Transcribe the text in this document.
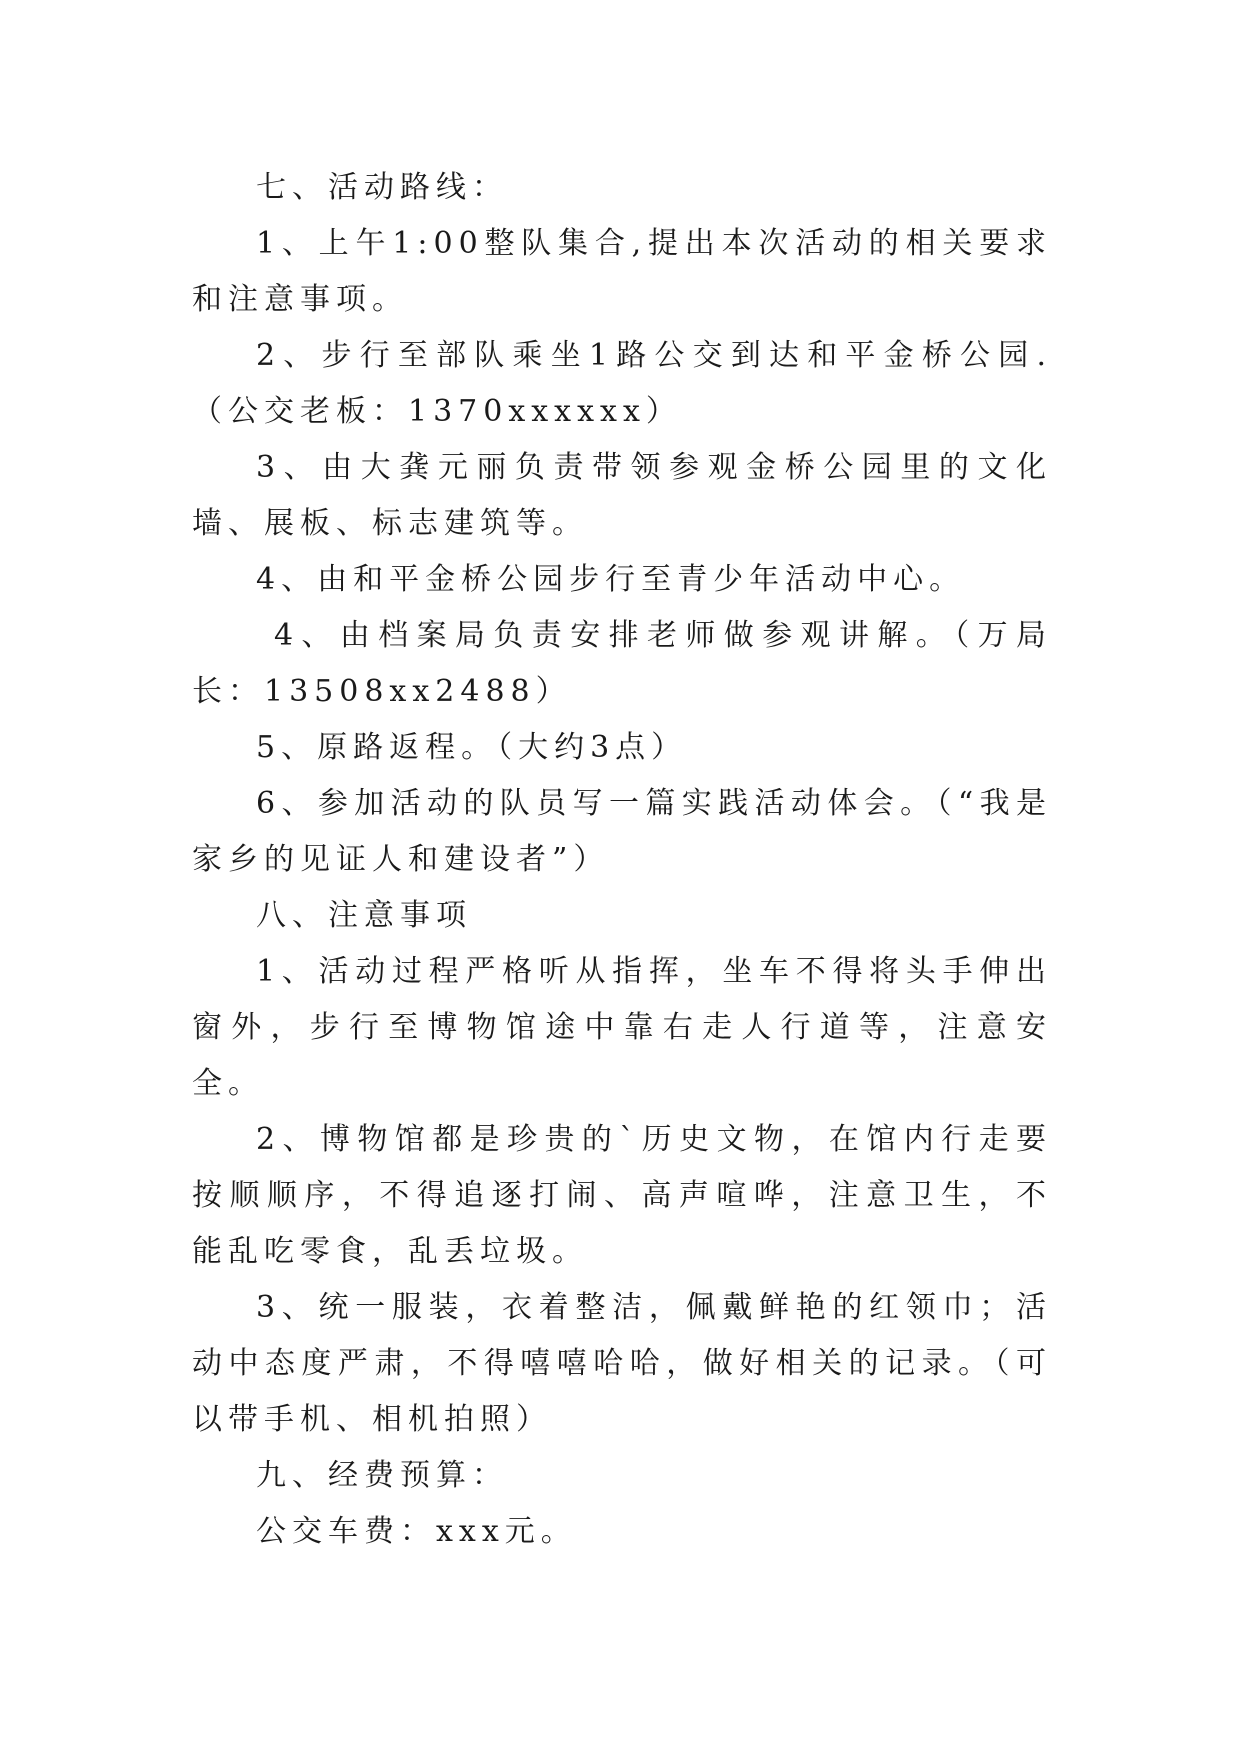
七、活动路线：

1、上午1:00整队集合,提出本次活动的相关要求和注意事项。

2、步行至部队乘坐1路公交到达和平金桥公园.（公交老板：1370xxxxxx）

3、由大龚元丽负责带领参观金桥公园里的文化墙、展板、标志建筑等。

4、由和平金桥公园步行至青少年活动中心。

4、由档案局负责安排老师做参观讲解。（万局长：13508xx2488）

5、原路返程。（大约3点）

6、参加活动的队员写一篇实践活动体会。（“我是家乡的见证人和建设者”）

八、注意事项

1、活动过程严格听从指挥，坐车不得将头手伸出窗外，步行至博物馆途中靠右走人行道等，注意安全。

2、博物馆都是珍贵的`历史文物，在馆内行走要按顺顺序，不得追逐打闹、高声喧哗，注意卫生，不能乱吃零食，乱丢垃圾。

3、统一服装，衣着整洁，佩戴鲜艳的红领巾；活动中态度严肃，不得嘻嘻哈哈，做好相关的记录。（可以带手机、相机拍照）

九、经费预算：

公交车费：xxx元。
